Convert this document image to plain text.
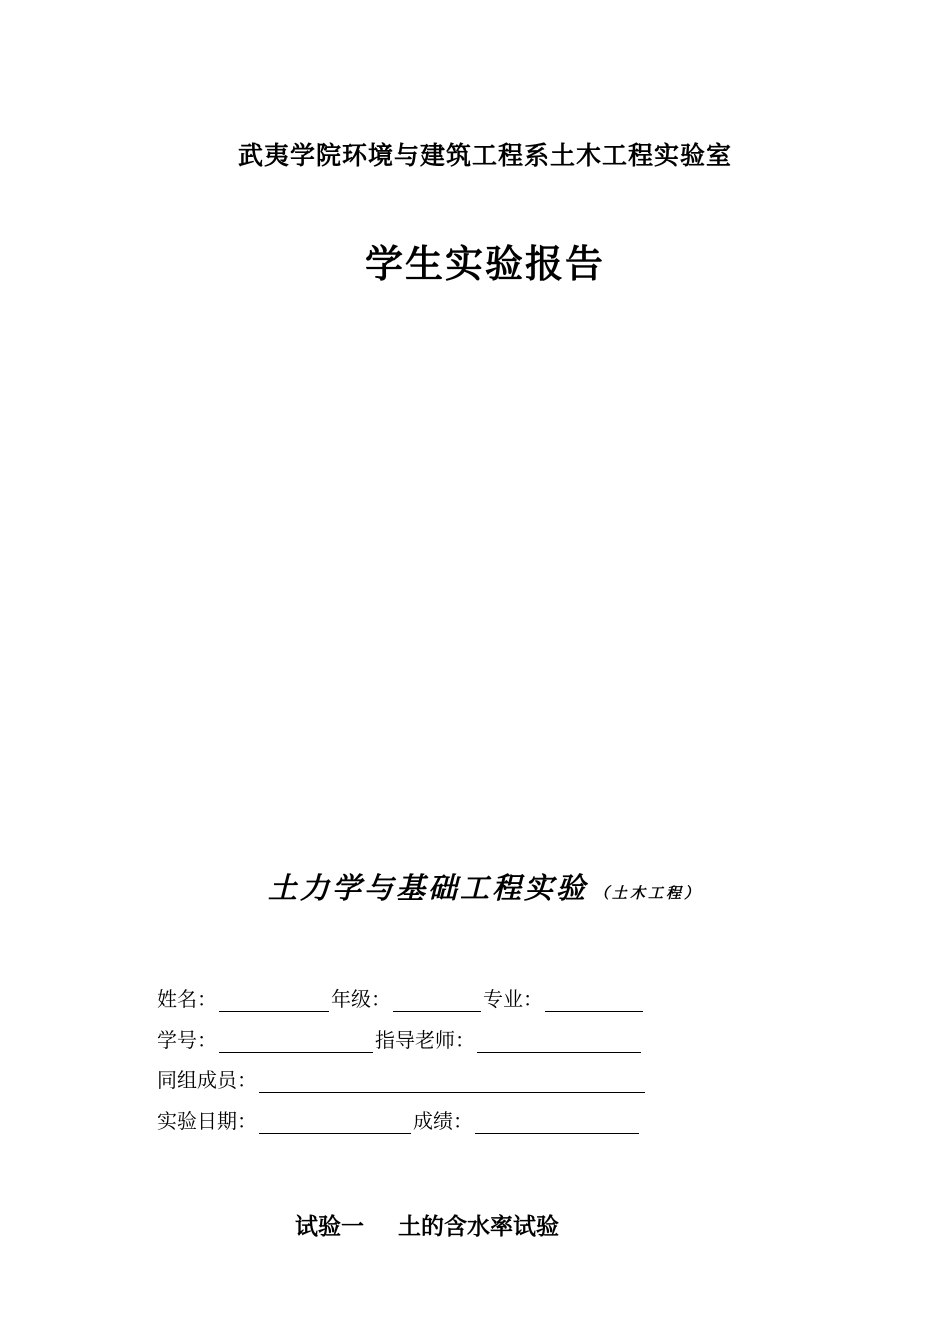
武夷学院环境与建筑工程系土木工程实验室
学生实验报告
土力学与基础工程实验 （土木工程）
姓名：	年级：	专业：
学号：	指导老师：
同组成员：
实验日期：	成绩：
试验一 土的含水率试验
